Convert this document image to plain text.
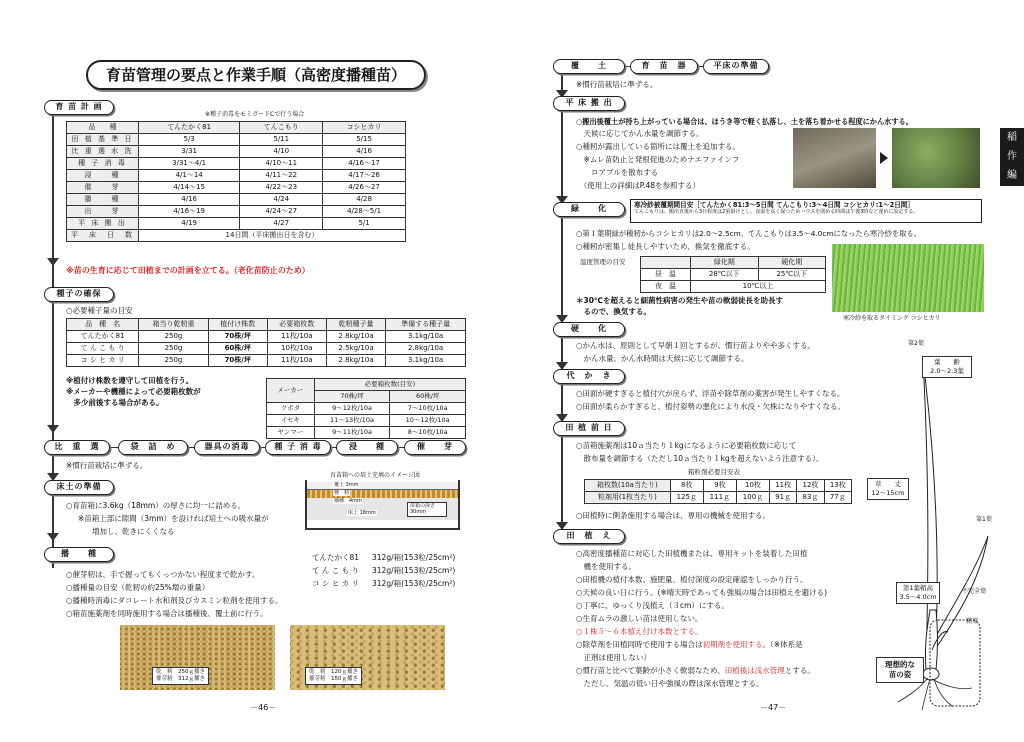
育苗管理の要点と作業手順（高密度播種苗）
育 苗 計 画
※種子消毒をモミガードCで行う場合
品　　種	てんたかく81	てんこもり	コシヒカリ
田 植 基 準 日	5/3	5/11	5/15
比 重 選 水 洗	3/31	4/10	4/16
種 子 消 毒	3/31〜4/1	4/10〜11	4/16〜17
浸　　種	4/1〜14	4/11〜22	4/17〜26
催　　芽	4/14〜15	4/22〜23	4/26〜27
播　　種	4/16	4/24	4/28
出　　芽	4/16〜19	4/24〜27	4/28〜5/1
平 床 搬 出	4/19	4/27	5/1
平　床　日　数	14日間（平床搬出日を含む）		
※苗の生育に応じて田植までの計画を立てる。（老化苗防止のため）
種子の確保
○必要種子量の目安
品　種　名	箱当り乾籾重	植付け株数	必要箱枚数	乾籾種子量	準備する種子量
てんたかく81	250g	70株/坪	11枚/10a	2.8kg/10a	3.1kg/10a
て ん こ も り	250g	60株/坪	10枚/10a	2.5kg/10a	2.8kg/10a
コ シ ヒ カ リ	250g	70株/坪	11枚/10a	2.8kg/10a	3.1kg/10a
※植付け株数を遵守して田植を行う。
※メーカーや機種によって必要箱枚数が
　多少前後する場合がある。
メーカー	必要箱枚数(目安)	
	70株/坪	60株/坪
クボタ	9〜12枚/10a	7〜10枚/10a
イセキ	11〜13枚/10a	10〜12枚/10a
ヤンマー	9〜11枚/10a	8〜10枚/10a
比　重　選	袋　詰　め	器具の消毒	種 子 消 毒	浸　　種	催　　芽
※慣行苗栽培に準ずる。
床土の準備
○育苗箱に3.6kg（18mm）の厚さに均一に詰める。
※苗箱上部に隙間（3mm）を設ければ培土への吸水量が
増加し、乾きにくくなる
育苗箱への培土充填のイメージ図
覆土 3mm
種　籾
播種　4mm
床土 18mm
苗箱の深さ 30mm
播　　種	てんたかく81 312g/箱(153粒/25cm²)
て ん こ も り 312g/箱(153粒/25cm²)
コ シ ヒ カ リ 312g/箱(153粒/25cm²)
○催芽籾は、手で握ってもくっつかない程度まで乾かす。
○播種量の目安（乾籾の約25%増の重量）
○播種時消毒にダコレート水和剤及びカスミン粒剤を使用する。
○箱苗施薬剤を同時施用する場合は播種後、覆土前に行う。
乾　籾　250ｇ播き
催芽籾　312ｇ播き
乾　籾　120ｇ播き
催芽籾　150ｇ播き
－46－
覆　　土	育　苗　器	平床の準備
※慣行苗栽培に準ずる。
平 床 搬 出
○搬出後覆土が持ち上がっている場合は、ほうき等で軽く払落し、土を落ち着かせる程度にかん水する。
　天候に応じてかん水量を調節する。
○種籾が露出している箇所には覆土を追加する。
　※ムレ苗防止と発根促進のためナエファインフ
　　ロアブルを散布する
　（使用上の詳細はP.48を参照する）
緑　　化	寒冷紗被覆期間目安［てんたかく81:3〜5日間 てんこもり:3〜4日間 コシヒカリ:1〜2日間］
てんこもりは、搬出直後から3日程度は2重掛けとし、夜温を高く保つためハウスを閉める時間は午後3時など遅めに設定する。
○第１葉期緑が種籾からコシヒカリは2.0〜2.5cm、てんこもりは3.5〜4.0cmになったら寒冷紗を取る。
○種籾が密集し徒長しやすいため、換気を徹底する。
温度管理の目安
		緑化期	硬化期
昼　温	28℃以下	25℃以下
夜　温	10℃以上	
＊30℃を超えると細菌性病害の発生や苗の軟弱徒長を助長す
　るので、換気する。
寒冷紗を取るタイミング コシヒカリ
硬　　化
○かん水は、原則として早朝１回とするが、慣行苗よりやや多くする。
　かん水量、かん水時間は天候に応じて調節する。
代　か　き
○田面が硬すぎると植付穴が戻らず、浮苗や除草剤の薬害が発生しやすくなる。
○田面が柔らかすぎると、植付姿勢の悪化により水没・欠株になりやすくなる。
田 植 前 日
○苗箱施薬剤は10ａ当たり１kgになるように必要箱枚数に応じて
　散布量を調節する（ただし10ａ当たり１kgを超えないよう注意する）。
箱粒剤必要目安表
箱枚数(10a当たり)	8枚	9枚	10枚	11枚	12枚	13枚
粒剤用(1枚当たり)	125ｇ	111ｇ	100ｇ	91ｇ	83ｇ	77ｇ
○田植時に側条施用する場合は、専用の機械を使用する。
田　植　え
○高密度播種苗に対応した田植機または、専用キットを装着した田植
　機を使用する。
○田植機の植付本数、施肥量、植付深度の設定確認をしっかり行う。
○天候の良い日に行う。(※晴天時であっても強風の場合は田植えを避ける)
○丁寧に、ゆっくり浅植え（３cm）にする。
○生育ムラの激しい苗は使用しない。
○１株５〜６本植え付け本数とする。
○除草剤を田植同時で使用する場合は初期剤を使用する。（※体系是
　正剤は使用しない）
○慣行苗と比べて葉齢が小さく軟弱なため、田植後は浅水管理とする。
　ただし、気温の低い日や強風の際は深水管理とする。
葉　　齢
2.0〜2.3葉
第2葉
草　　丈
12〜15cm
第1葉
第1葉鞘高
3.5〜4.0cm
不完全葉
鞘葉
理想的な
苗の姿
稲
作
編
－47－
